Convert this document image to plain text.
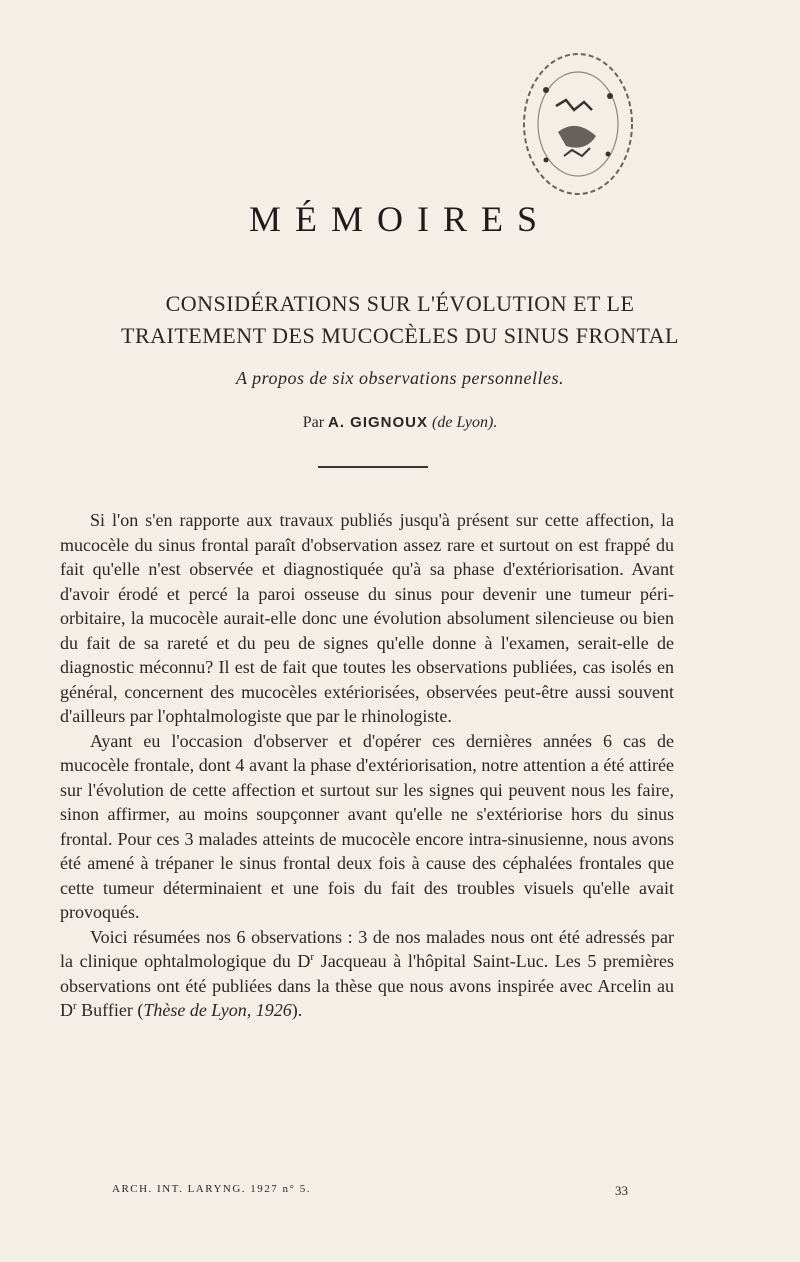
MÉMOIRES
CONSIDÉRATIONS SUR L'ÉVOLUTION ET LE
TRAITEMENT DES MUCOCÈLES DU SINUS FRONTAL
A propos de six observations personnelles.
Par A. GIGNOUX (de Lyon).

Si l'on s'en rapporte aux travaux publiés jusqu'à présent sur cette affection, la mucocèle du sinus frontal paraît d'observation assez rare et surtout on est frappé du fait qu'elle n'est observée et diagnostiquée qu'à sa phase d'extériorisation. Avant d'avoir érodé et percé la paroi osseuse du sinus pour devenir une tumeur péri-orbitaire, la mucocèle aurait-elle donc une évolution absolument silencieuse ou bien du fait de sa rareté et du peu de signes qu'elle donne à l'examen, serait-elle de diagnostic méconnu? Il est de fait que toutes les observations publiées, cas isolés en général, concernent des mucocèles extériorisées, observées peut-être aussi souvent d'ailleurs par l'ophtalmologiste que par le rhinologiste.

Ayant eu l'occasion d'observer et d'opérer ces dernières années 6 cas de mucocèle frontale, dont 4 avant la phase d'extériorisation, notre attention a été attirée sur l'évolution de cette affection et surtout sur les signes qui peuvent nous les faire, sinon affirmer, au moins soupçonner avant qu'elle ne s'extériorise hors du sinus frontal. Pour ces 3 malades atteints de mucocèle encore intra-sinusienne, nous avons été amené à trépaner le sinus frontal deux fois à cause des céphalées frontales que cette tumeur déterminaient et une fois du fait des troubles visuels qu'elle avait provoqués.

Voici résumées nos 6 observations : 3 de nos malades nous ont été adressés par la clinique ophtalmologique du $D^r$ Jacqueau à l'hôpital Saint-Luc. Les 5 premières observations ont été publiées dans la thèse que nous avons inspirée avec Arcelin au $D^r$ Buffier (Thèse de Lyon, 1926).

ARCH. INT. LARYNG. 1927 n° 5.	33
